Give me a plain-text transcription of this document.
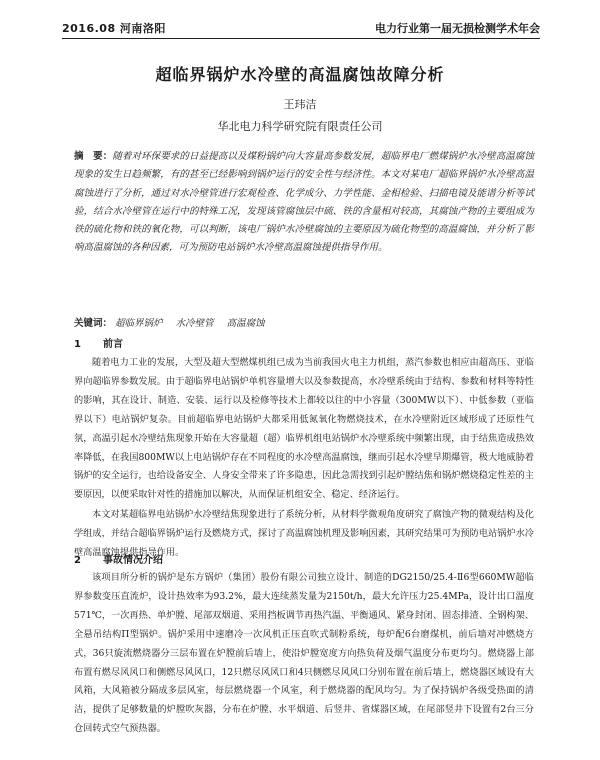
2016.08 河南洛阳	电力行业第一届无损检测学术年会
超临界锅炉水冷壁的高温腐蚀故障分析
王玮洁
华北电力科学研究院有限责任公司
摘　要：随着对环保要求的日益提高以及煤粉锅炉向大容量高参数发展，超临界电厂燃煤锅炉水冷壁高温腐蚀现象的发生日趋频繁，有的甚至已经影响到锅炉运行的安全性与经济性。本文对某电厂超临界锅炉水冷壁高温腐蚀进行了分析，通过对水冷壁管进行宏观检查、化学成分、力学性能、金相检验、扫描电镜及能谱分析等试验，结合水冷壁管在运行中的特殊工况，发现该管腐蚀层中硫、铁的含量相对较高，其腐蚀产物的主要组成为铁的硫化物和铁的氧化物，可以判断，该电厂锅炉水冷壁腐蚀的主要原因为硫化物型的高温腐蚀，并分析了影响高温腐蚀的各种因素，可为预防电站锅炉水冷壁高温腐蚀提供指导作用。
关键词： 超临界锅炉 水冷壁管 高温腐蚀
1 前言
随着电力工业的发展，大型及超大型燃煤机组已成为当前我国火电主力机组，蒸汽参数也相应由超高压、亚临界向超临界参数发展。由于超临界电站锅炉单机容量增大以及参数提高，水冷壁系统由于结构、参数和材料等特性的影响，其在设计、制造、安装、运行以及检修等技术上都较以往的中小容量（300MW以下）、中低参数（亚临界以下）电站锅炉复杂。目前超临界电站锅炉大都采用低氮氧化物燃烧技术，在水冷壁附近区域形成了还原性气氛，高温引起水冷壁结焦现象开始在大容量超（超）临界机组电站锅炉水冷壁系统中频繁出现，由于结焦造成热效率降低，在我国800MW以上电站锅炉存在不同程度的水冷壁高温腐蚀，继而引起水冷壁早期爆管，极大地威胁着锅炉的安全运行，也给设备安全、人身安全带来了许多隐患，因此急需找到引起炉膛结焦和锅炉燃烧稳定性差的主要原因，以便采取针对性的措施加以解决，从而保证机组安全、稳定、经济运行。
本文对某超临界电站锅炉水冷壁结焦现象进行了系统分析，从材料学微观角度研究了腐蚀产物的微观结构及化学组成，并结合超临界锅炉运行及燃烧方式，探讨了高温腐蚀机理及影响因素，其研究结果可为预防电站锅炉水冷壁高温腐蚀提供指导作用。
2 事故情况介绍
该项目所分析的锅炉是东方锅炉（集团）股份有限公司独立设计、制造的DG2150/25.4-Ⅱ6型660MW超临界参数变压直流炉，设计热效率为93.2%，最大连续蒸发量为2150t/h，最大允许压力25.4MPa，设计出口温度571℃，一次再热、单炉膛、尾部双烟道、采用挡板调节再热汽温、平衡通风、紧身封闭、固态排渣、全钢构架、全悬吊结构Π型锅炉。锅炉采用中速磨冷一次风机正压直吹式制粉系统，每炉配6台磨煤机，前后墙对冲燃烧方式，36只旋流燃烧器分三层布置在炉膛前后墙上，使沿炉膛宽度方向热负荷及烟气温度分布更均匀。燃烧器上部布置有燃尽风风口和侧燃尽风风口，12只燃尽风风口和4只侧燃尽风风口分别布置在前后墙上，燃烧器区域设有大风箱，大风箱被分隔成多层风室，每层燃烧器一个风室，利于燃烧器的配风均匀。为了保持锅炉各级受热面的清洁，提供了足够数量的炉膛吹灰器，分布在炉膛、水平烟道、后竖井、省煤器区域，在尾部竖井下设置有2台三分仓回转式空气预热器。
